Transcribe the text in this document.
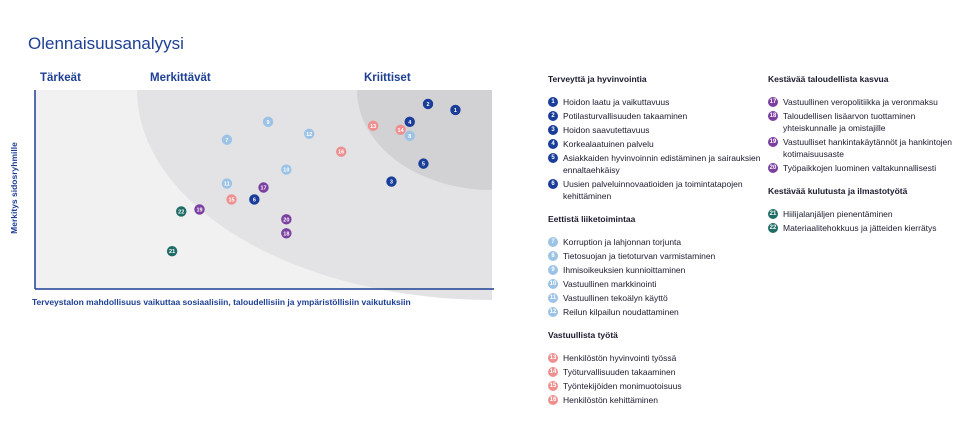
Olennaisuusanalyysi
Tärkeät	Merkittävät	Kriittiset
1
2
3
4
5
6
7
8
9
10
11
12
13
14
15
16
17
18
19
20
21
22
Merkitys sidosryhmille
Terveystalon mahdollisuus vaikuttaa sosiaalisiin, taloudellisiin ja ympäristöllisiin vaikutuksiin
Terveyttä ja hyvinvointia
1 Hoidon laatu ja vaikuttavuus
2 Potilasturvallisuuden takaaminen
3 Hoidon saavutettavuus
4 Korkealaatuinen palvelu
5 Asiakkaiden hyvinvoinnin edistäminen ja sairauksien ennaltaehkäisy
6 Uusien palveluinnovaatioiden ja toimintatapojen kehittäminen
Eettistä liiketoimintaa
7 Korruption ja lahjonnan torjunta
8 Tietosuojan ja tietoturvan varmistaminen
9 Ihmisoikeuksien kunnioittaminen
10 Vastuullinen markkinointi
11 Vastuullinen tekoälyn käyttö
12 Reilun kilpailun noudattaminen
Vastuullista työtä
13 Henkilöstön hyvinvointi työssä
14 Työturvallisuuden takaaminen
15 Työntekijöiden monimuotoisuus
16 Henkilöstön kehittäminen
Kestävää taloudellista kasvua
17 Vastuullinen veropolitiikka ja veronmaksu
18 Taloudellisen lisäarvon tuottaminen yhteiskunnalle ja omistajille
19 Vastuulliset hankintakäytännöt ja hankintojen kotimaisuusaste
20 Työpaikkojen luominen valtakunnallisesti
Kestävää kulutusta ja ilmastotyötä
21 Hiilijalanjäljen pienentäminen
22 Materiaalitehokkuus ja jätteiden kierrätys
